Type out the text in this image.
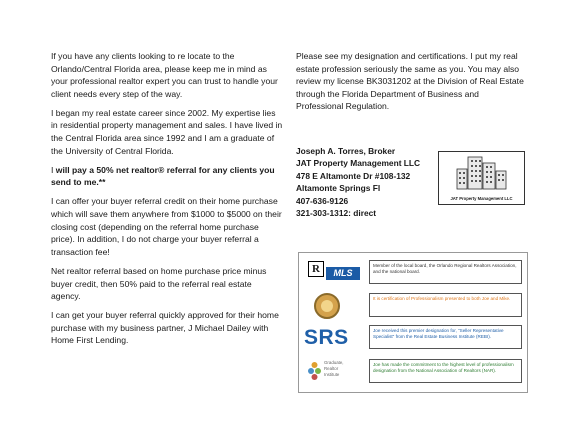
If you have any clients looking to re locate to the Orlando/Central Florida area, please keep me in mind as your professional realtor expert you can trust to handle your client needs every step of the way.

I began my real estate career since 2002. My expertise lies in residential property management and sales. I have lived in the Central Florida area since 1992 and I am a graduate of the University of Central Florida.

I will pay a 50% net realtor® referral for any clients you send to me.**

I can offer your buyer referral credit on their home purchase which will save them anywhere from $1000 to $5000 on their closing cost (depending on the referral home purchase price). In addition, I do not charge your buyer referral a transaction fee!

Net realtor referral based on home purchase price minus buyer credit, then 50% paid to the referral real estate agency.

I can get your buyer referral quickly approved for their home purchase with my business partner, J Michael Dailey with Home First Lending.

Please see my designation and certifications. I put my real estate profession seriously the same as you. You may also review my license BK3031202 at the Division of Real Estate through the Florida Department of Business and Professional Regulation.

Joseph A. Torres, Broker
JAT Property Management LLC
478 E Altamonte Dr #108-132
Altamonte Springs Fl
407-636-9126
321-303-1312: direct
JAT Property Management LLC
R	MLS
Member of the local board, the Orlando Regional Realtors Association, and the national board.
It is certification of Professionalism presented to both Joe and Mike.
SRS	Joe received this premier designation for, "Seller Representative Specialist" from the Real Estate Business Institute (REBI).
Graduate,
Realtor
Institute
Joe has made the commitment to the highest level of professionalism designation from the National Association of Realtors (NAR).
